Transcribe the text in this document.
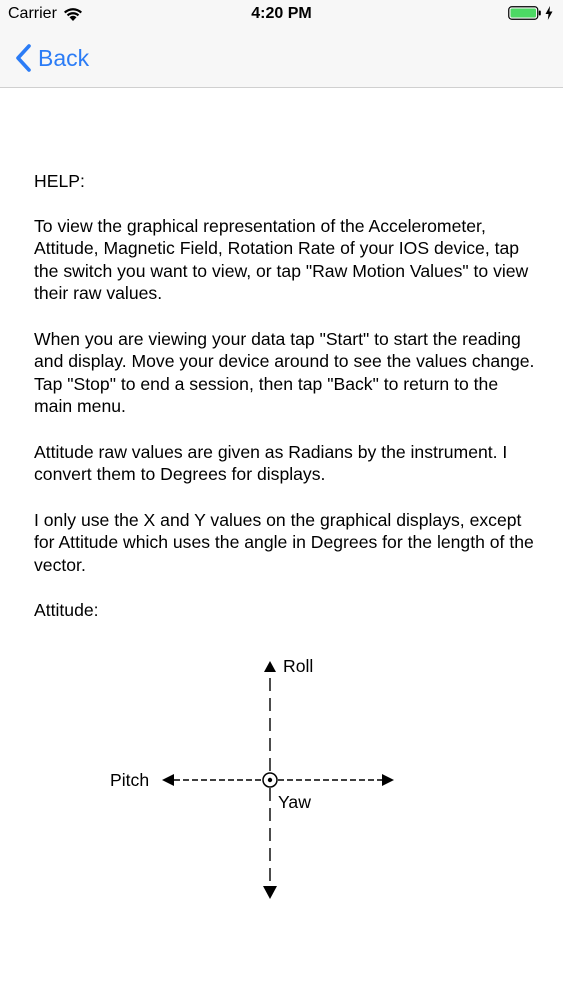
Carrier	4:20 PM
Back

HELP:

To view the graphical representation of the Accelerometer, Attitude, Magnetic Field, Rotation Rate of your IOS device, tap the switch you want to view, or tap "Raw Motion Values" to view their raw values.

When you are viewing your data tap "Start" to start the reading and display. Move your device around to see the values change. Tap "Stop" to end a session, then tap "Back" to return to the main menu.

Attitude raw values are given as Radians by the instrument. I convert them to Degrees for displays.

I only use the X and Y values on the graphical displays, except for Attitude which uses the angle in Degrees for the length of the vector.

Attitude:

Roll
Pitch
Yaw
